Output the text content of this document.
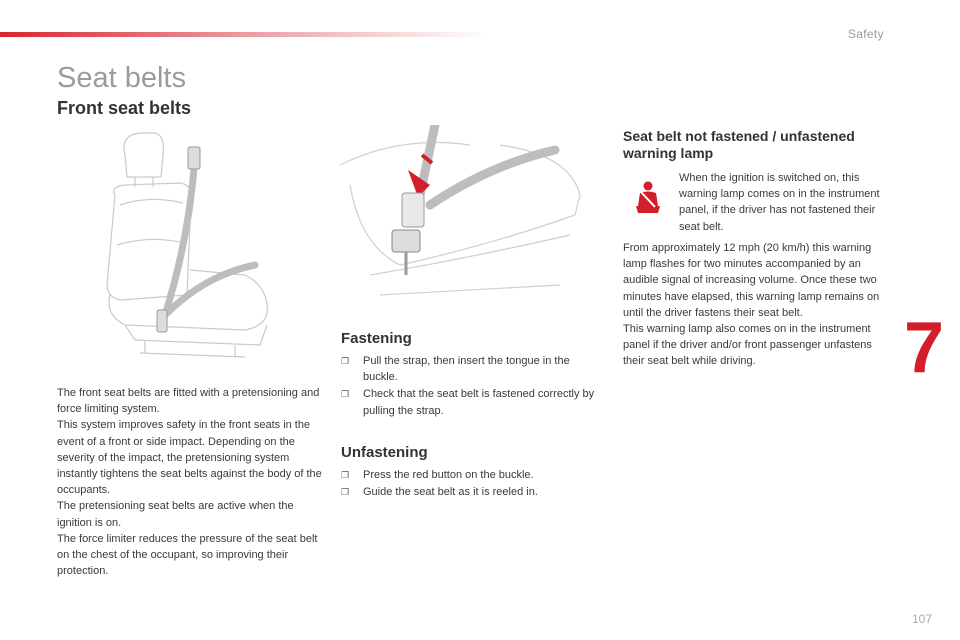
Safety
Seat belts
Front seat belts

The front seat belts are fitted with a pretensioning and force limiting system.

This system improves safety in the front seats in the event of a front or side impact. Depending on the severity of the impact, the pretensioning system instantly tightens the seat belts against the body of the occupants.

The pretensioning seat belts are active when the ignition is on.

The force limiter reduces the pressure of the seat belt on the chest of the occupant, so improving their protection.

Fastening
❐ Pull the strap, then insert the tongue in the buckle.
❐ Check that the seat belt is fastened correctly by pulling the strap.
Unfastening
❐ Press the red button on the buckle.
❐ Guide the seat belt as it is reeled in.
Seat belt not fastened / unfastened warning lamp
When the ignition is switched on, this warning lamp comes on in the instrument panel, if the driver has not fastened their seat belt.

From approximately 12 mph (20 km/h) this warning lamp flashes for two minutes accompanied by an audible signal of increasing volume. Once these two minutes have elapsed, this warning lamp remains on until the driver fastens their seat belt.

This warning lamp also comes on in the instrument panel if the driver and/or front passenger unfastens their seat belt while driving.	7
107
